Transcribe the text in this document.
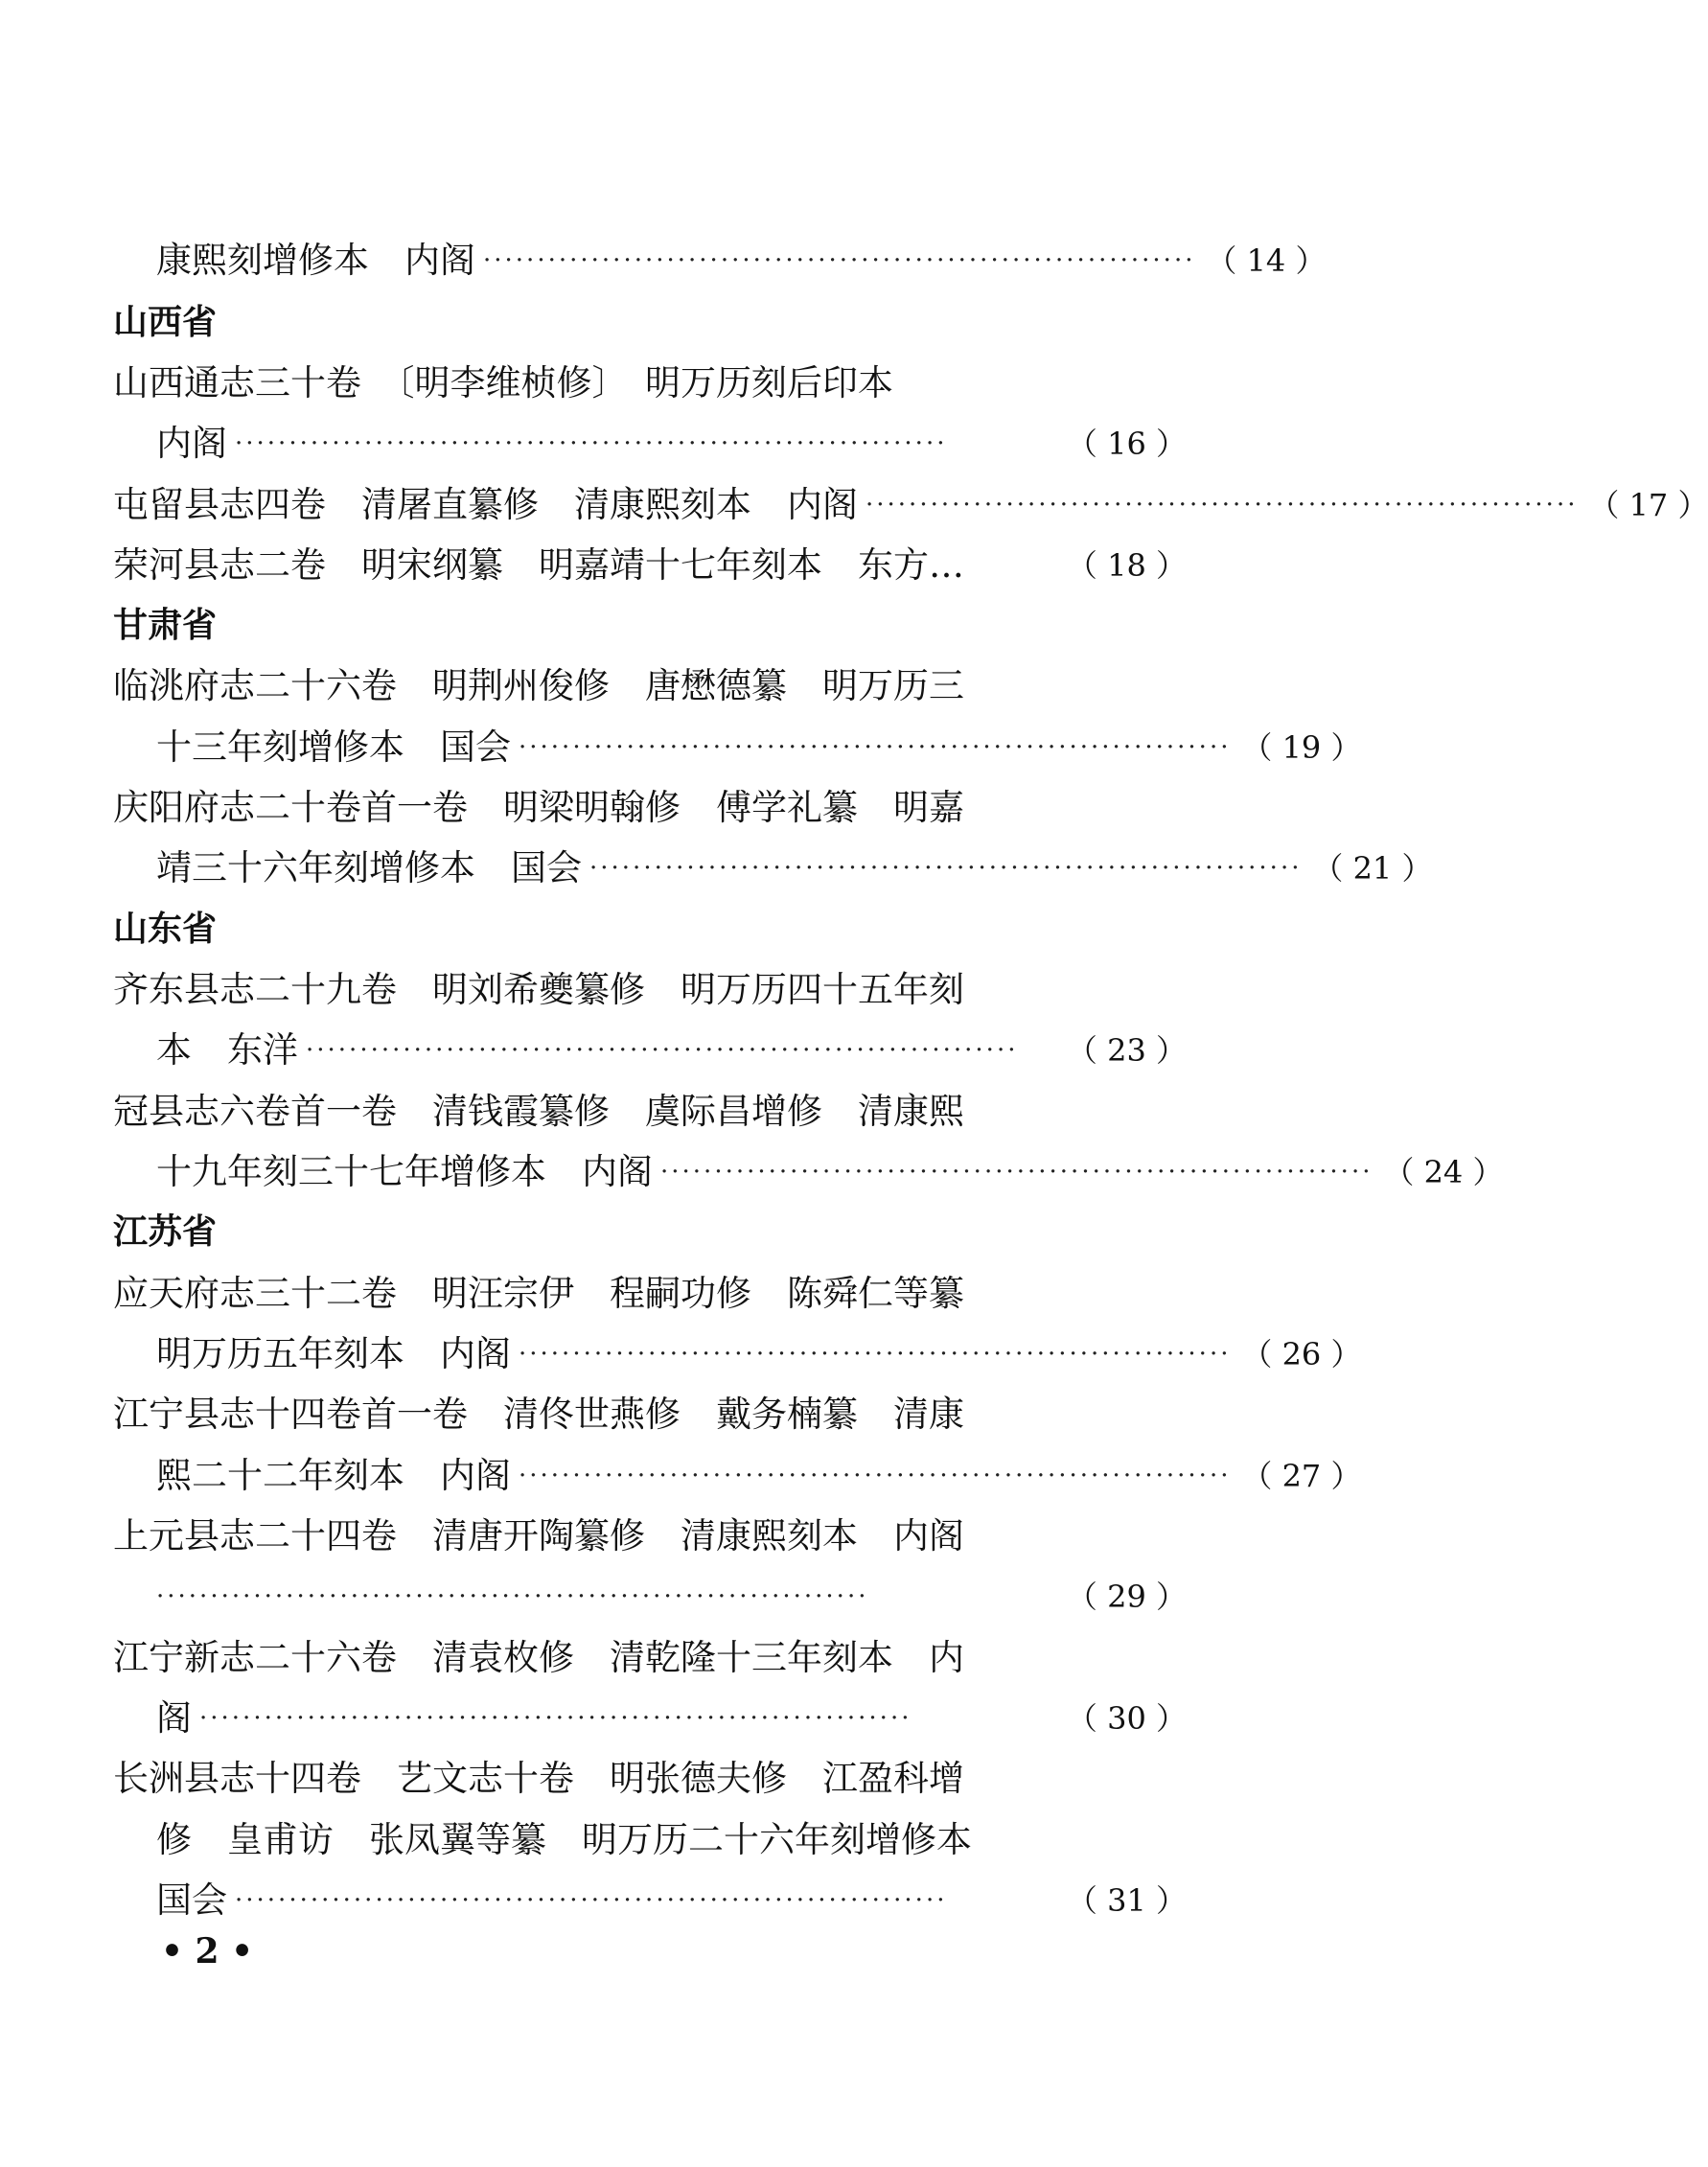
康熙刻增修本　内阁 ·································································· （ 14 ）
山西省
山西通志三十卷　〔明李维桢修〕　明万历刻后印本
内阁 ··································································	（ 16 ）
屯留县志四卷　清屠直纂修　清康熙刻本　内阁 ·································································· （ 17 ）
荣河县志二卷　明宋纲纂　明嘉靖十七年刻本　东方…	（ 18 ）
甘肃省
临洮府志二十六卷　明荆州俊修　唐懋德纂　明万历三
十三年刻增修本　国会 ·································································· （ 19 ）
庆阳府志二十卷首一卷　明梁明翰修　傅学礼纂　明嘉
靖三十六年刻增修本　国会 ·································································· （ 21 ）
山东省
齐东县志二十九卷　明刘希夔纂修　明万历四十五年刻
本　东洋 ··································································	（ 23 ）
冠县志六卷首一卷　清钱霞纂修　虞际昌增修　清康熙
十九年刻三十七年增修本　内阁 ·································································· （ 24 ）
江苏省
应天府志三十二卷　明汪宗伊　程嗣功修　陈舜仁等纂
明万历五年刻本　内阁 ·································································· （ 26 ）
江宁县志十四卷首一卷　清佟世燕修　戴务楠纂　清康
熙二十二年刻本　内阁 ·································································· （ 27 ）
上元县志二十四卷　清唐开陶纂修　清康熙刻本　内阁
··································································	（ 29 ）
江宁新志二十六卷　清袁枚修　清乾隆十三年刻本　内
阁 ··································································	（ 30 ）
长洲县志十四卷　艺文志十卷　明张德夫修　江盈科增
修　皇甫访　张凤翼等纂　明万历二十六年刻增修本
国会 ··································································	（ 31 ）
• 2 •
